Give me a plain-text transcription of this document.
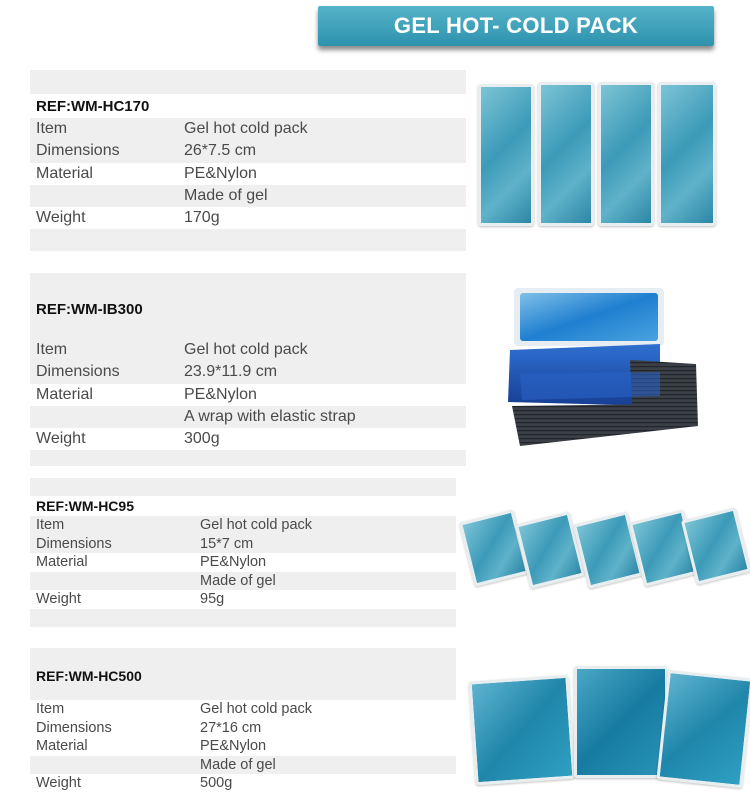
GEL HOT- COLD PACK
REF:WM-HC170
Item	Gel hot cold pack
Dimensions	26*7.5 cm
Material	PE&Nylon
Made of gel
Weight	170g
REF:WM-IB300
Item	Gel hot cold pack
Dimensions	23.9*11.9 cm
Material	PE&Nylon
A wrap with elastic strap
Weight	300g
REF:WM-HC95
Item	Gel hot cold pack
Dimensions	15*7 cm
Material	PE&Nylon
Made of gel
Weight	95g
REF:WM-HC500
Item	Gel hot cold pack
Dimensions	27*16 cm
Material	PE&Nylon
Made of gel
Weight	500g
